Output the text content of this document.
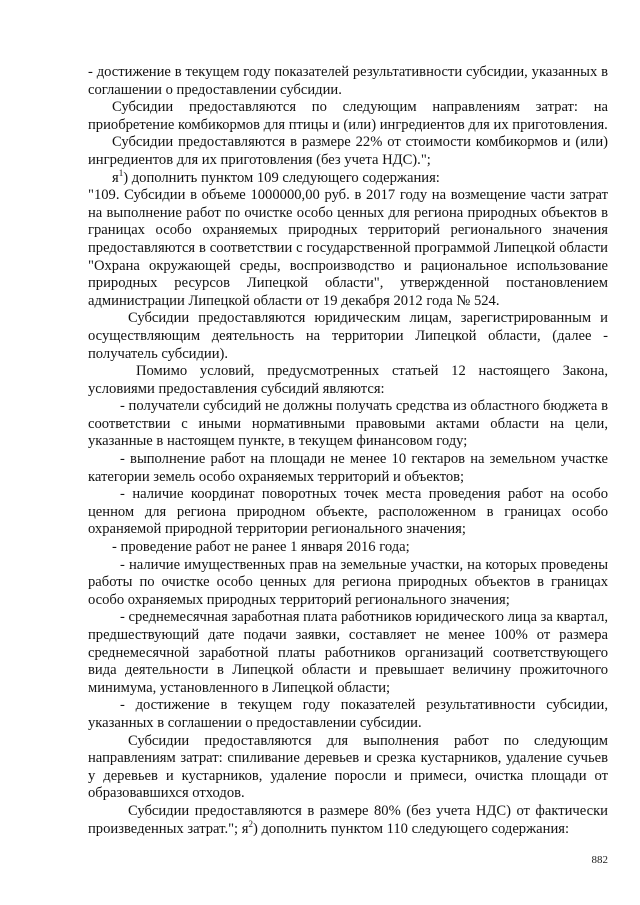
- достижение в текущем году показателей результативности субсидии, указанных в соглашении о предоставлении субсидии.

Субсидии предоставляются по следующим направлениям затрат: на приобретение комбикормов для птицы и (или) ингредиентов для их приготовления.

Субсидии предоставляются в размере 22% от стоимости комбикормов и (или) ингредиентов для их приготовления (без учета НДС).";

$я^1$) дополнить пунктом 109 следующего содержания:

"109. Субсидии в объеме 1000000,00 руб. в 2017 году на возмещение части затрат на выполнение работ по очистке особо ценных для региона природных объектов в границах особо охраняемых природных территорий регионального значения предоставляются в соответствии с государственной программой Липецкой области "Охрана окружающей среды, воспроизводство и рациональное использование природных ресурсов Липецкой области", утвержденной постановлением администрации Липецкой области от 19 декабря 2012 года № 524.

Субсидии предоставляются юридическим лицам, зарегистрированным и осуществляющим деятельность на территории Липецкой области, (далее - получатель субсидии).

Помимо условий, предусмотренных статьей 12 настоящего Закона, условиями предоставления субсидий являются:

- получатели субсидий не должны получать средства из областного бюджета в соответствии с иными нормативными правовыми актами области на цели, указанные в настоящем пункте, в текущем финансовом году;

- выполнение работ на площади не менее 10 гектаров на земельном участке категории земель особо охраняемых территорий и объектов;

- наличие координат поворотных точек места проведения работ на особо ценном для региона природном объекте, расположенном в границах особо охраняемой природной территории регионального значения;

- проведение работ не ранее 1 января 2016 года;

- наличие имущественных прав на земельные участки, на которых проведены работы по очистке особо ценных для региона природных объектов в границах особо охраняемых природных территорий регионального значения;

- среднемесячная заработная плата работников юридического лица за квартал, предшествующий дате подачи заявки, составляет не менее 100% от размера среднемесячной заработной платы работников организаций соответствующего вида деятельности в Липецкой области и превышает величину прожиточного минимума, установленного в Липецкой области;

- достижение в текущем году показателей результативности субсидии, указанных в соглашении о предоставлении субсидии.

Субсидии предоставляются для выполнения работ по следующим направлениям затрат: спиливание деревьев и срезка кустарников, удаление сучьев у деревьев и кустарников, удаление поросли и примеси, очистка площади от образовавшихся отходов.

Субсидии предоставляются в размере 80% (без учета НДС) от фактически произведенных затрат."; $я^2$) дополнить пунктом 110 следующего содержания:

882
